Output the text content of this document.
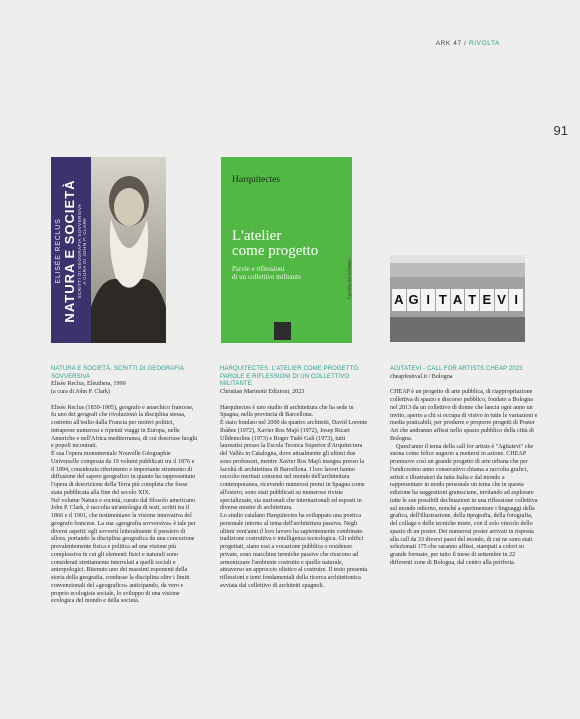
ARK 47 / RIVOLTA
91
ELISÉE RECLUS NATURA E SOCIETÀ SCRITTI DI GEOGRAFIA SOVVERSIVA A CURA DI JOHN P. CLARK
Harquitectes
L'atelier
come progetto
Parole e riflessioni
di un collettivo militante	Il giardino dell'architettura
A G I T A T E V I
NATURA E SOCIETÀ. SCRITTI DI GEOGRAFIA SOVVERSIVA
Elisée Reclus, Elèuthera, 1999
(a cura di John P. Clark)

Elisée Reclus (1830-1905), geografo e anarchico francese, fu uno dei geografi che rivoluzionò la disciplina stessa, costretto all'esilio dalla Francia per motivi politici, intraprese numerosi e ripetuti viaggi in Europa, nelle Americhe e nell'Africa mediterranea, di cui descrisse luoghi e popoli incontrati.

È sua l'opera monumentale Nouvelle Géographie Universelle composta da 19 volumi pubblicati tra il 1876 e il 1894, considerata riferimento e importante strumento di diffusione del sapere geografico in quanto ha rappresentato l'opera di descrizione della Terra più completa che fosse stata pubblicata alla fine del secolo XIX.

Nel volume Natura e società, curato dal filosofo americano John P. Clark, è raccolta un'antologia di testi, scritti tra il 1866 e il 1901, che testimoniano la visione innovativa del geografo francese. La sua «geografia sovversiva» è tale per diversi aspetti: egli sovvertì letteralmente il pensiero di allora, portando la disciplina geografica da una concezione prevalentemente fisica e politica ad una visione più complessiva in cui gli elementi fisici e naturali sono considerati strettamente interrelati a quelli sociali e antropologici. Ritenuto uno dei massimi esponenti della storia della geografia, condusse la disciplina oltre i limiti convenzionali del «geografico» anticipando, da vero e proprio ecologista sociale, lo sviluppo di una visione ecologica del mondo e della società.

HARQUITECTES. L'ATELIER COME PROGETTO. PAROLE E RIFLESSIONI DI UN COLLETTIVO MILITANTE
Christian Marinotti Edizioni, 2023

Harquitectes è uno studio di architettura che ha sede in Spagna, nella provincia di Barcellona.

È stato fondato nel 2000 da quattro architetti, David Lorente Ibáñez (1972), Xavier Ros Majó (1972), Josep Ricart Ulldemolins (1973) e Roger Tudó Galí (1973), tutti laureatisi presso la Escola Tecnica Superior d'Arquitectura del Vallès in Catalogna, dove attualmente gli ultimi due sono professori, mentre Xavier Ros Majó insegna presso la facoltà di architettura di Barcellona. I loro lavori hanno raccolto meritati consensi nel mondo dell'architettura contemporanea, ricevendo numerosi premi in Spagna come all'estero; sono stati pubblicati su numerose riviste specializzate, sia nazionali che internazionali ed esposti in diverse mostre di architettura.

Lo studio catalano Harquitectes ha sviluppato una poetica personale intorno al tema dell'architettura passiva. Negli ultimi vent'anni il loro lavoro ha sapientemente combinato tradizione costruttiva e intelligenza tecnologica. Gli edifici progettati, siano essi a vocazione pubblica o residenze private, sono macchine termiche passive che riescono ad armonizzare l'ambiente costruito e quello naturale, attraverso un approccio olistico al costruire. Il testo presenta riflessioni e temi fondamentali della ricerca architettonica avviata dal collettivo di architetti spagnoli.

AGITATEVI - CALL FOR ARTISTS CHEAP 2023
cheapfestival.it / Bologna

CHEAP è un progetto di arte pubblica, di riappropriazione collettiva di spazio e discorso pubblico, fondato a Bologna nel 2013 da un collettivo di donne che lancia ogni anno un invito, aperto a chi si occupa di visivo in tutte le variazioni e media praticabili, per produrre e proporre progetti di Poster Art che andranno affissi nello spazio pubblico della città di Bologna.

Quest'anno il tema della call for artists è "Agitatevi" che suona come felice augurio a mettersi in azione. CHEAP promuove così un grande progetto di arte urbana che per l'undicesimo anno consecutivo chiama a raccolta grafici, artisti e illustratori da tutta Italia e dal mondo a rappresentare in modo personale un tema che in questa edizione ha suggestioni gramsciane, invitando ad esplorare tutte le sue possibili declinazioni in una riflessione collettiva sul mondo odierno, nonché a sperimentare i linguaggi della grafica, dell'illustrazione, della tipografia, della fotografia, del collage e delle tecniche miste, con il solo vincolo dello spazio di un poster. Dei numerosi poster arrivati in risposta alla call da 33 diversi paesi del mondo, di cui ne sono stati selezionati 175 che saranno affissi, stampati a colori su grande formato, per tutto il mese di settembre in 22 differenti zone di Bologna, dal centro alla periferia.
